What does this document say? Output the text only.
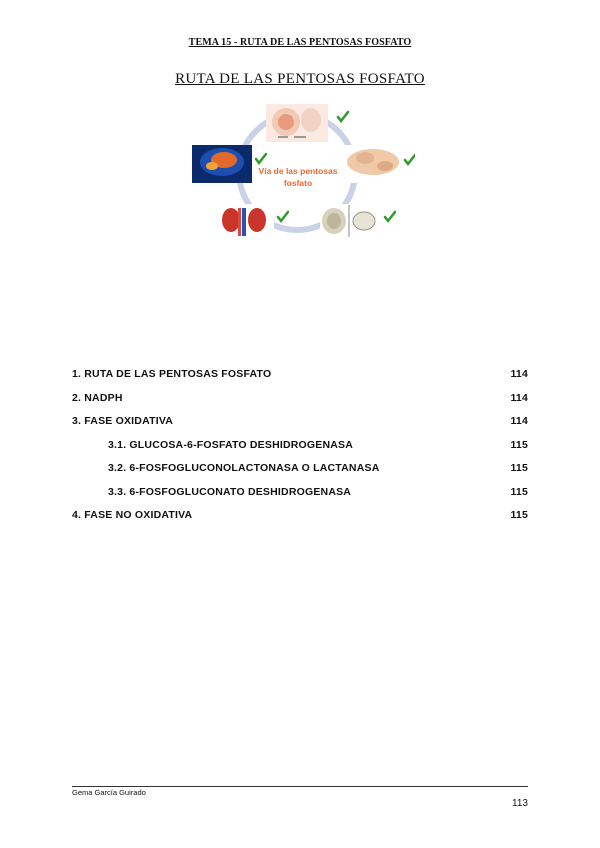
TEMA 15 - RUTA DE LAS PENTOSAS FOSFATO
RUTA DE LAS PENTOSAS FOSFATO
Vía de las pentosas
fosfato
1. RUTA DE LAS PENTOSAS FOSFATO	114
2. NADPH	114
3. FASE OXIDATIVA	114
3.1. GLUCOSA-6-FOSFATO DESHIDROGENASA	115
3.2. 6-FOSFOGLUCONOLACTONASA O LACTANASA	115
3.3. 6-FOSFOGLUCONATO DESHIDROGENASA	115
4. FASE NO OXIDATIVA	115
Gema García Guirado
113
